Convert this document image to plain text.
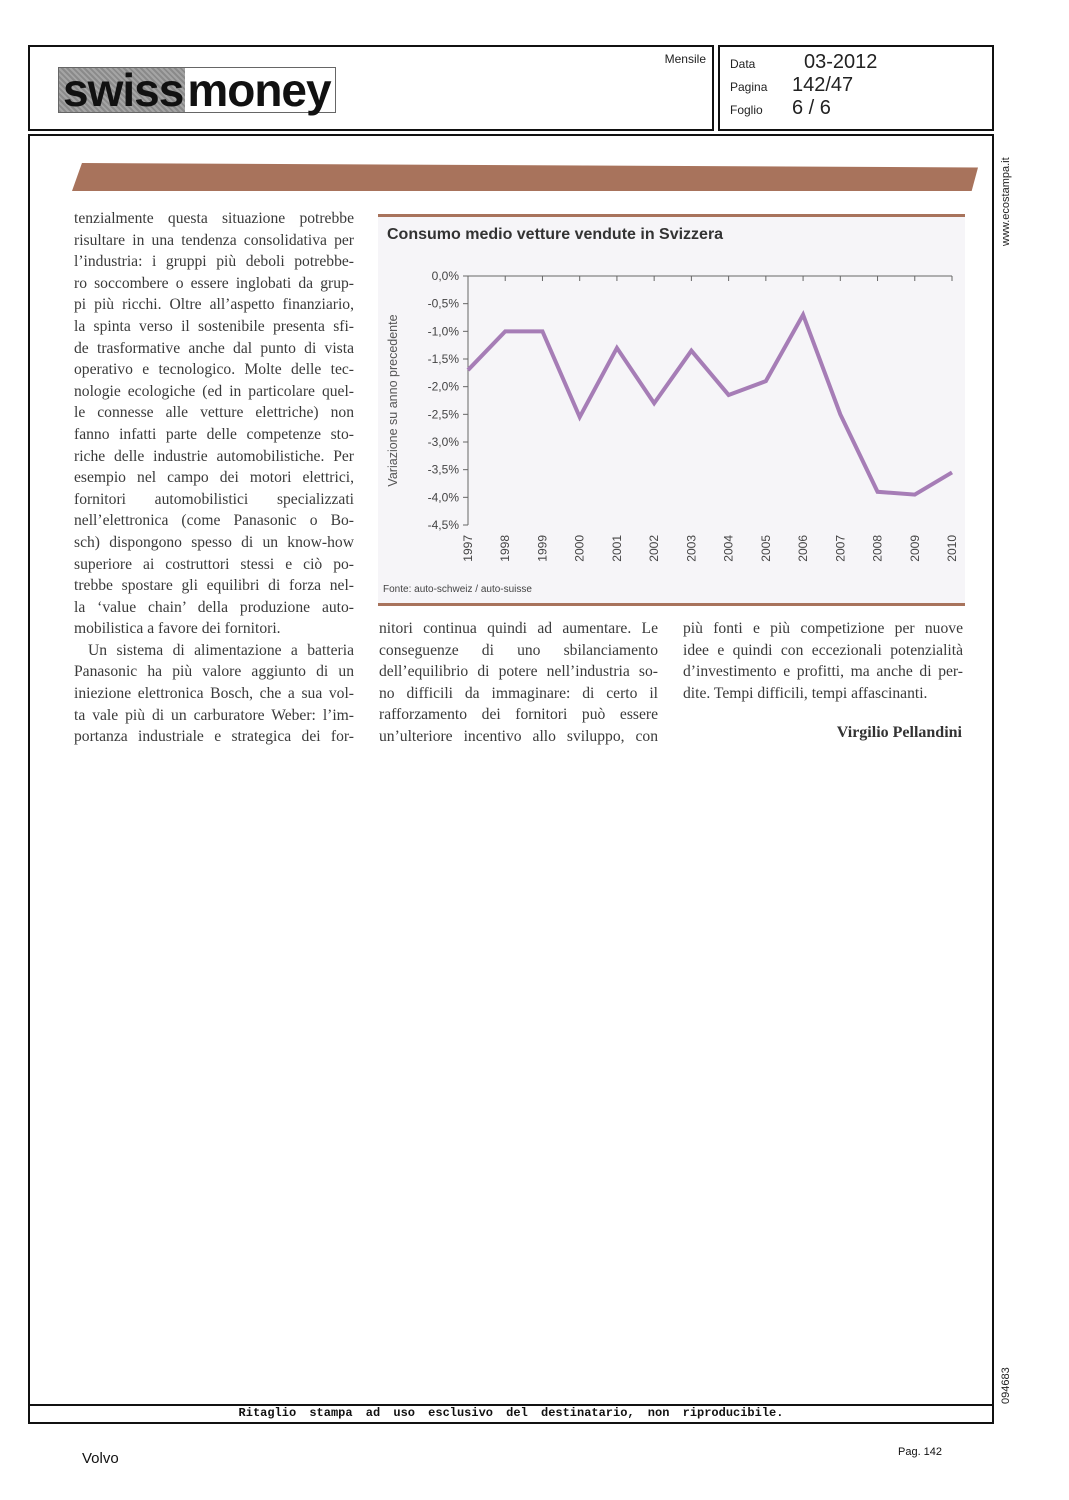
swiss money
Mensile Data	03-2012
Pagina	142/47
Foglio	6 / 6
tenzialmente questa situazione potrebbe
risultare in una tendenza consolidativa per
l’industria: i gruppi più deboli potrebbe-
ro soccombere o essere inglobati da grup-
pi più ricchi. Oltre all’aspetto finanziario,
la spinta verso il sostenibile presenta sfi-
de trasformative anche dal punto di vista
operativo e tecnologico. Molte delle tec-
nologie ecologiche (ed in particolare quel-
le connesse alle vetture elettriche) non
fanno infatti parte delle competenze sto-
riche delle industrie automobilistiche. Per
esempio nel campo dei motori elettrici,
fornitori automobilistici specializzati
nell’elettronica (come Panasonic o Bo-
sch) dispongono spesso di un know-how
superiore ai costruttori stessi e ciò po-
trebbe spostare gli equilibri di forza nel-
la ‘value chain’ della produzione auto-
mobilistica a favore dei fornitori.
Un sistema di alimentazione a batteria
Panasonic ha più valore aggiunto di un
iniezione elettronica Bosch, che a sua vol-
ta vale più di un carburatore Weber: l’im-
portanza industriale e strategica dei for-
Consumo medio vetture vendute in Svizzera
0,0%
-0,5%
-1,0%
-1,5%
-2,0%
-2,5%
-3,0%
-3,5%
-4,0%
-4,5%
1997 1998 1999 2000 2001 2002 2003 2004 2005 2006 2007 2008 2009 2010
Variazione su anno precedente
Fonte: auto-schweiz / auto-suisse
nitori continua quindi ad aumentare. Le
conseguenze di uno sbilanciamento
dell’equilibrio di potere nell’industria so-
no difficili da immaginare: di certo il
rafforzamento dei fornitori può essere
un’ulteriore incentivo allo sviluppo, con
più fonti e più competizione per nuove
idee e quindi con eccezionali potenzialità
d’investimento e profitti, ma anche di per-
dite. Tempi difficili, tempi affascinanti.
Virgilio Pellandini
www.ecostampa.it
094683
Ritaglio stampa ad uso esclusivo del destinatario, non riproducibile.
Volvo	Pag. 142
